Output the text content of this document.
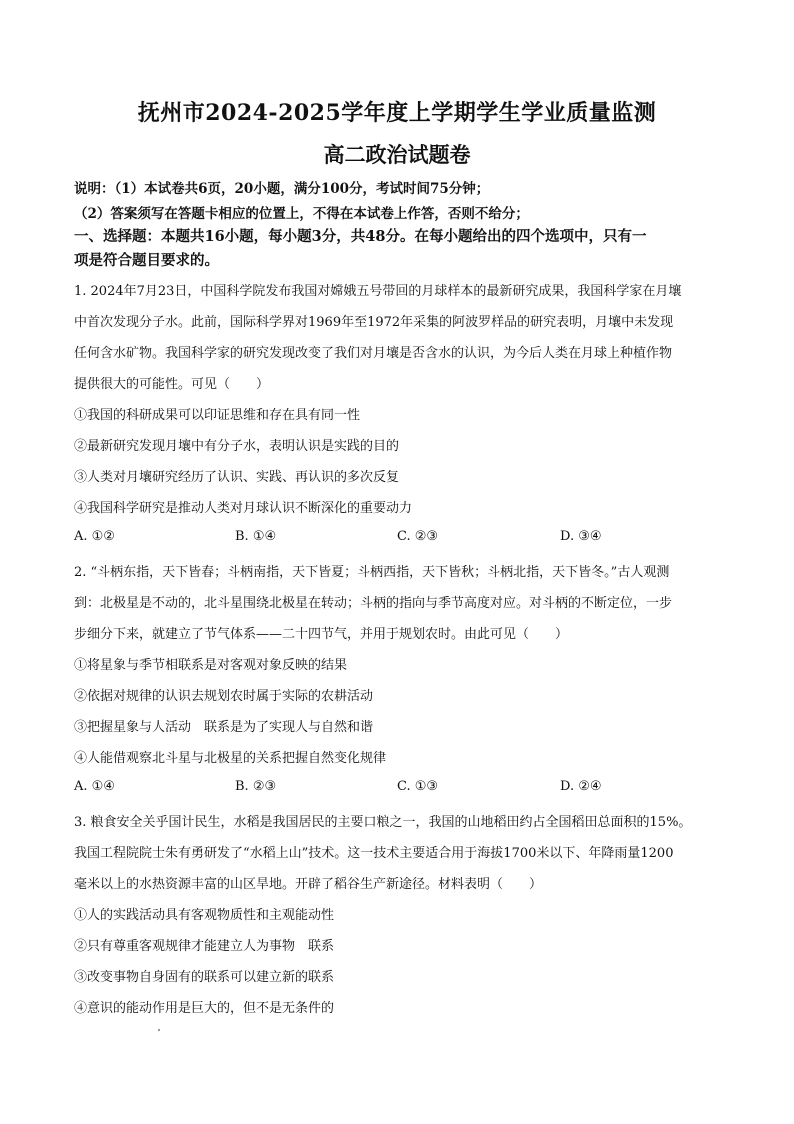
抚州市2024-2025学年度上学期学生学业质量监测
高二政治试题卷
说明：（1）本试卷共6页，20小题，满分100分，考试时间75分钟；
（2）答案须写在答题卡相应的位置上，不得在本试卷上作答，否则不给分；
一、选择题：本题共16小题，每小题3分，共48分。在每小题给出的四个选项中，只有一
项是符合题目要求的。
1. 2024年7月23日，中国科学院发布我国对嫦娥五号带回的月球样本的最新研究成果，我国科学家在月壤
中首次发现分子水。此前，国际科学界对1969年至1972年采集的阿波罗样品的研究表明，月壤中未发现
任何含水矿物。我国科学家的研究发现改变了我们对月壤是否含水的认识，为今后人类在月球上种植作物
提供很大的可能性。可见（　　）
①我国的科研成果可以印证思维和存在具有同一性
②最新研究发现月壤中有分子水，表明认识是实践的目的
③人类对月壤研究经历了认识、实践、再认识的多次反复
④我国科学研究是推动人类对月球认识不断深化的重要动力
A. ①②	B. ①④	C. ②③	D. ③④
2. “斗柄东指，天下皆春；斗柄南指，天下皆夏；斗柄西指，天下皆秋；斗柄北指，天下皆冬。”古人观测
到：北极星是不动的，北斗星围绕北极星在转动；斗柄的指向与季节高度对应。对斗柄的不断定位，一步
步细分下来，就建立了节气体系——二十四节气，并用于规划农时。由此可见（　　）
①将星象与季节相联系是对客观对象反映的结果
②依据对规律的认识去规划农时属于实际的农耕活动
③把握星象与人活动　联系是为了实现人与自然和谐
④人能借观察北斗星与北极星的关系把握自然变化规律
A. ①④	B. ②③	C. ①③	D. ②④
3. 粮食安全关乎国计民生，水稻是我国居民的主要口粮之一，我国的山地稻田约占全国稻田总面积的15%。
我国工程院院士朱有勇研发了“水稻上山”技术。这一技术主要适合用于海拔1700米以下、年降雨量1200
毫米以上的水热资源丰富的山区旱地。开辟了稻谷生产新途径。材料表明（　　）
①人的实践活动具有客观物质性和主观能动性
②只有尊重客观规律才能建立人为事物　联系
③改变事物自身固有的联系可以建立新的联系
④意识的能动作用是巨大的，但不是无条件的
